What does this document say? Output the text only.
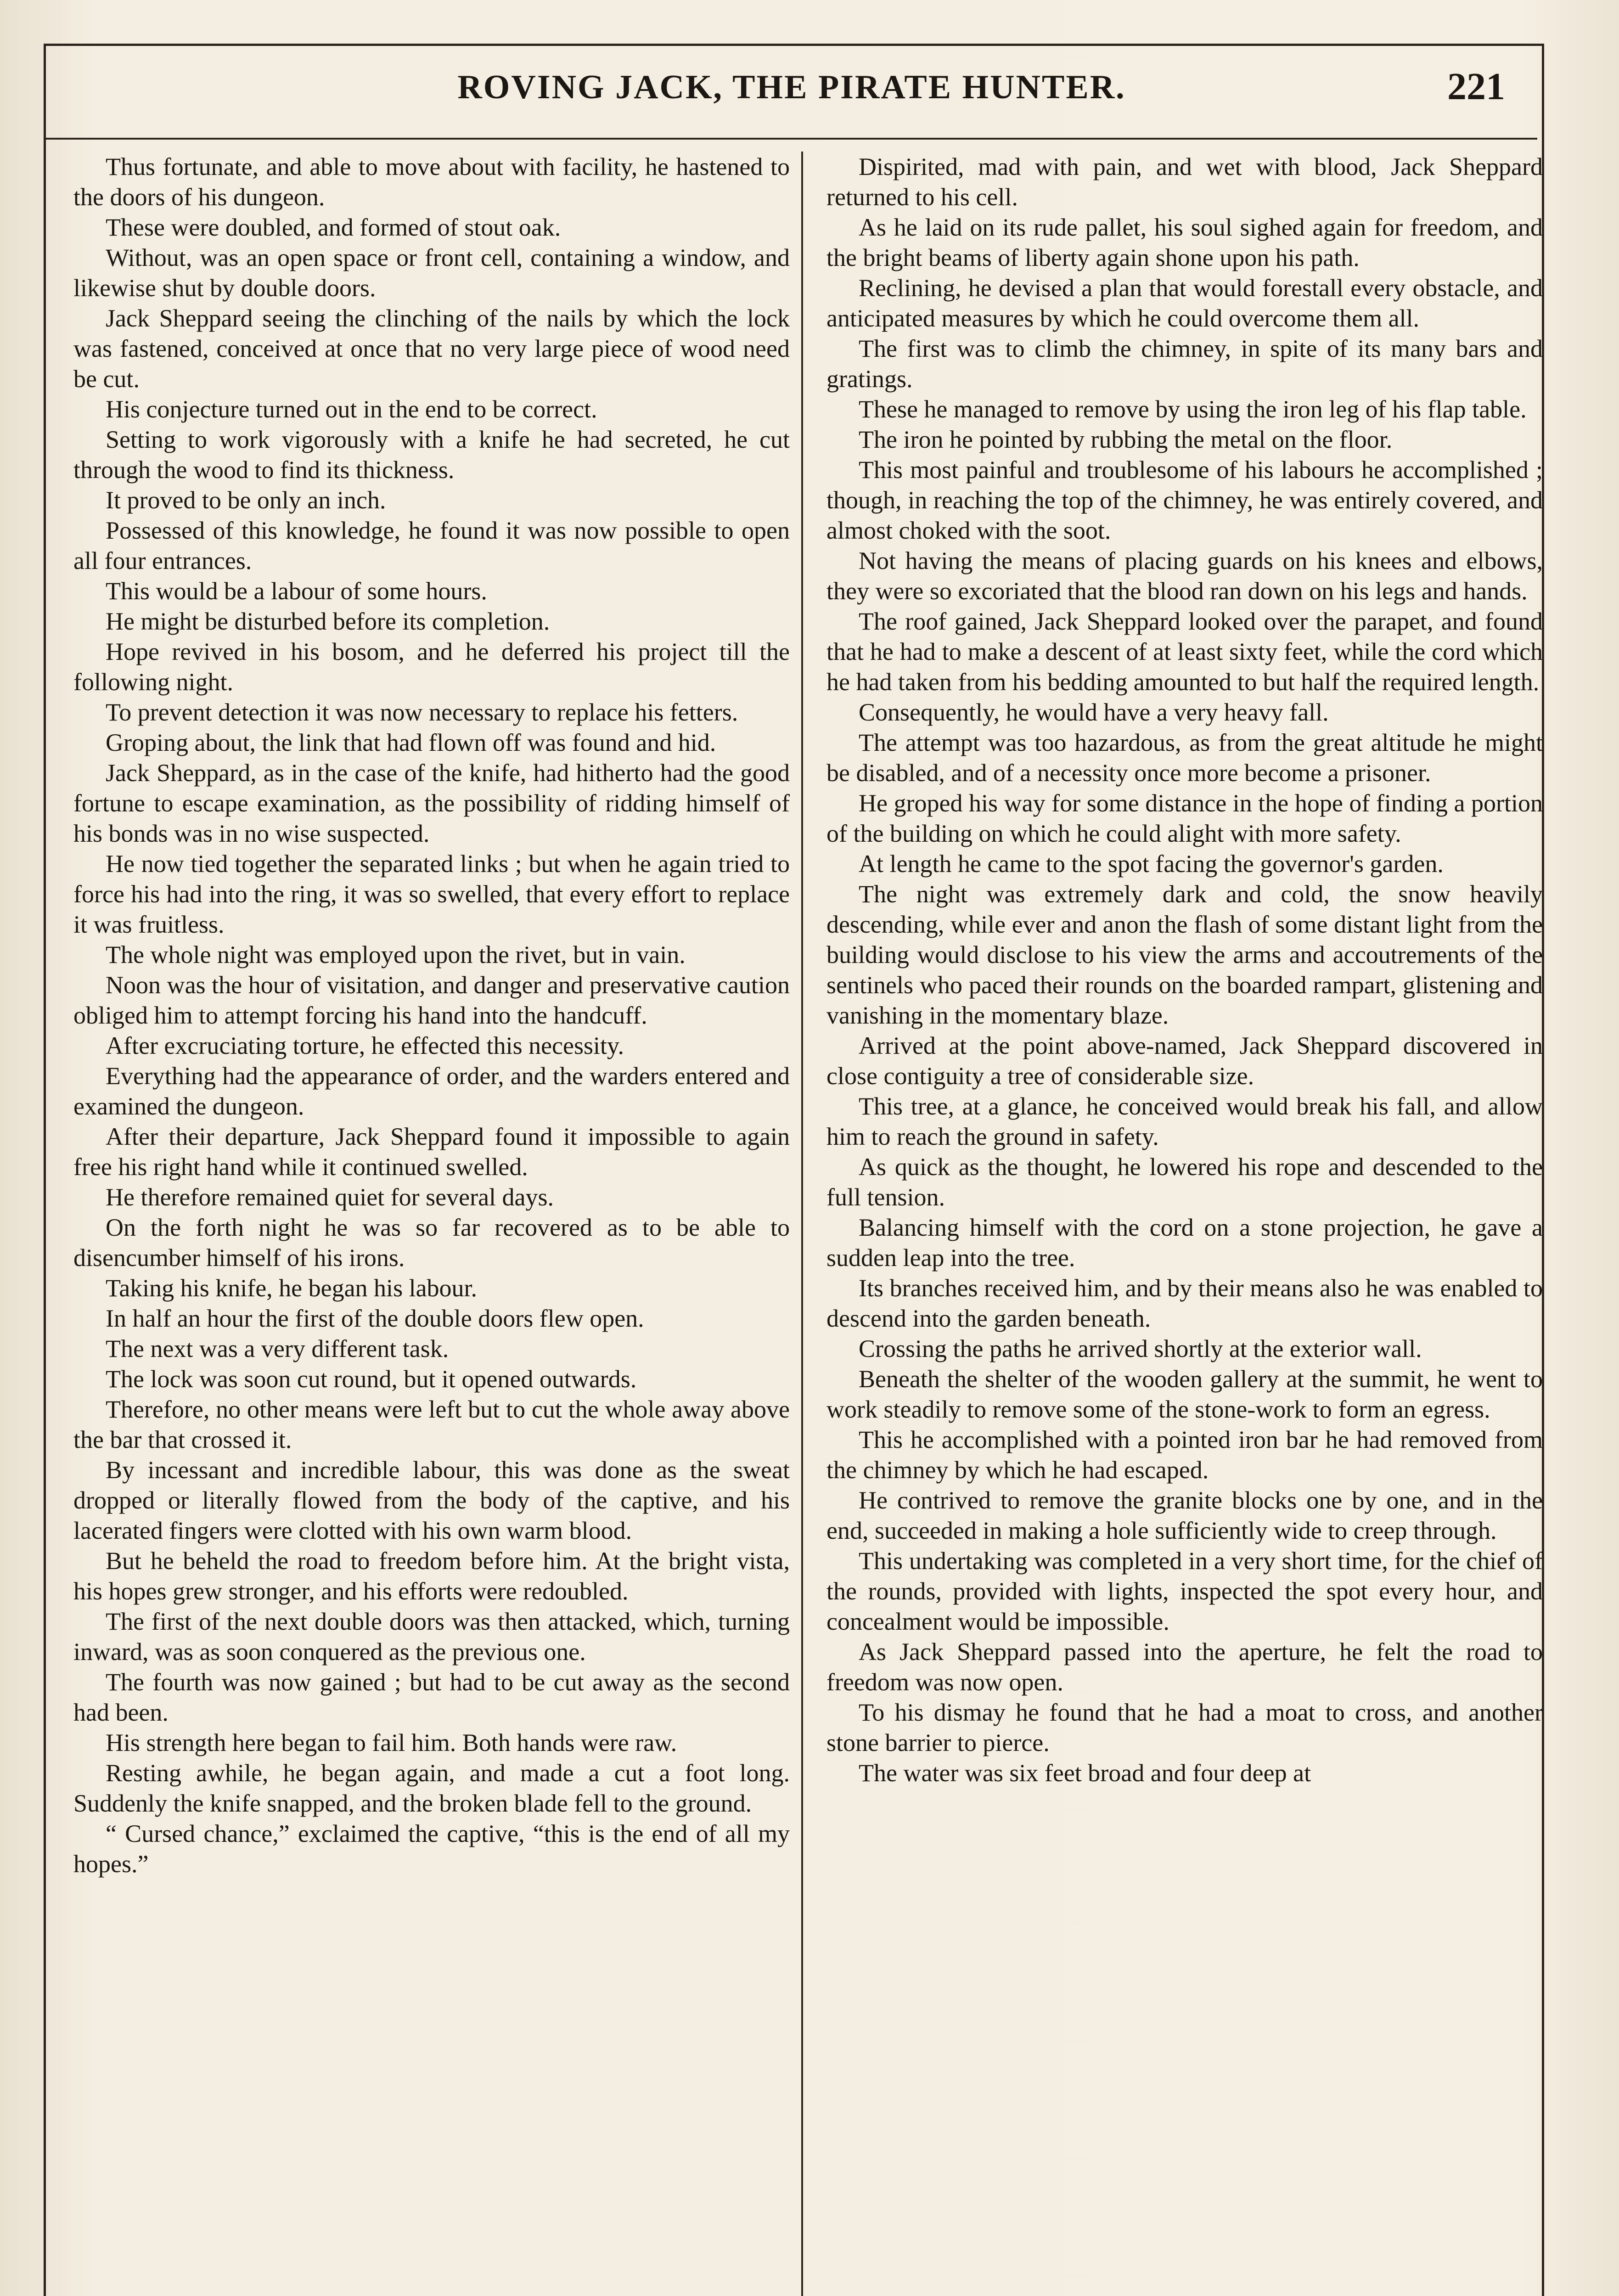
ROVING JACK, THE PIRATE HUNTER.	221

Thus fortunate, and able to move about with facility, he hastened to the doors of his dungeon.

These were doubled, and formed of stout oak.

Without, was an open space or front cell, containing a window, and likewise shut by double doors.

Jack Sheppard seeing the clinching of the nails by which the lock was fastened, conceived at once that no very large piece of wood need be cut.

His conjecture turned out in the end to be correct.

Setting to work vigorously with a knife he had secreted, he cut through the wood to find its thickness.

It proved to be only an inch.

Possessed of this knowledge, he found it was now possible to open all four entrances.

This would be a labour of some hours.

He might be disturbed before its completion.

Hope revived in his bosom, and he deferred his project till the following night.

To prevent detection it was now necessary to replace his fetters.

Groping about, the link that had flown off was found and hid.

Jack Sheppard, as in the case of the knife, had hitherto had the good fortune to escape examination, as the possibility of ridding himself of his bonds was in no wise suspected.

He now tied together the separated links ; but when he again tried to force his had into the ring, it was so swelled, that every effort to replace it was fruitless.

The whole night was employed upon the rivet, but in vain.

Noon was the hour of visitation, and danger and preservative caution obliged him to attempt forcing his hand into the handcuff.

After excruciating torture, he effected this necessity.

Everything had the appearance of order, and the warders entered and examined the dungeon.

After their departure, Jack Sheppard found it impossible to again free his right hand while it continued swelled.

He therefore remained quiet for several days.

On the forth night he was so far recovered as to be able to disencumber himself of his irons.

Taking his knife, he began his labour.

In half an hour the first of the double doors flew open.

The next was a very different task.

The lock was soon cut round, but it opened outwards.

Therefore, no other means were left but to cut the whole away above the bar that crossed it.

By incessant and incredible labour, this was done as the sweat dropped or literally flowed from the body of the captive, and his lacerated fingers were clotted with his own warm blood.

But he beheld the road to freedom before him. At the bright vista, his hopes grew stronger, and his efforts were redoubled.

The first of the next double doors was then attacked, which, turning inward, was as soon conquered as the previous one.

The fourth was now gained ; but had to be cut away as the second had been.

His strength here began to fail him. Both hands were raw.

Resting awhile, he began again, and made a cut a foot long. Suddenly the knife snapped, and the broken blade fell to the ground.

“ Cursed chance,” exclaimed the captive, “this is the end of all my hopes.”

Dispirited, mad with pain, and wet with blood, Jack Sheppard returned to his cell.

As he laid on its rude pallet, his soul sighed again for freedom, and the bright beams of liberty again shone upon his path.

Reclining, he devised a plan that would forestall every obstacle, and anticipated measures by which he could overcome them all.

The first was to climb the chimney, in spite of its many bars and gratings.

These he managed to remove by using the iron leg of his flap table.

The iron he pointed by rubbing the metal on the floor.

This most painful and troublesome of his labours he accomplished ; though, in reaching the top of the chimney, he was entirely covered, and almost choked with the soot.

Not having the means of placing guards on his knees and elbows, they were so excoriated that the blood ran down on his legs and hands.

The roof gained, Jack Sheppard looked over the parapet, and found that he had to make a descent of at least sixty feet, while the cord which he had taken from his bedding amounted to but half the required length.

Consequently, he would have a very heavy fall.

The attempt was too hazardous, as from the great altitude he might be disabled, and of a necessity once more become a prisoner.

He groped his way for some distance in the hope of finding a portion of the building on which he could alight with more safety.

At length he came to the spot facing the governor's garden.

The night was extremely dark and cold, the snow heavily descending, while ever and anon the flash of some distant light from the building would disclose to his view the arms and accoutrements of the sentinels who paced their rounds on the boarded rampart, glistening and vanishing in the momentary blaze.

Arrived at the point above-named, Jack Sheppard discovered in close contiguity a tree of considerable size.

This tree, at a glance, he conceived would break his fall, and allow him to reach the ground in safety.

As quick as the thought, he lowered his rope and descended to the full tension.

Balancing himself with the cord on a stone projection, he gave a sudden leap into the tree.

Its branches received him, and by their means also he was enabled to descend into the garden beneath.

Crossing the paths he arrived shortly at the exterior wall.

Beneath the shelter of the wooden gallery at the summit, he went to work steadily to remove some of the stone-work to form an egress.

This he accomplished with a pointed iron bar he had removed from the chimney by which he had escaped.

He contrived to remove the granite blocks one by one, and in the end, succeeded in making a hole sufficiently wide to creep through.

This undertaking was completed in a very short time, for the chief of the rounds, provided with lights, inspected the spot every hour, and concealment would be impossible.

As Jack Sheppard passed into the aperture, he felt the road to freedom was now open.

To his dismay he found that he had a moat to cross, and another stone barrier to pierce.

The water was six feet broad and four deep at
